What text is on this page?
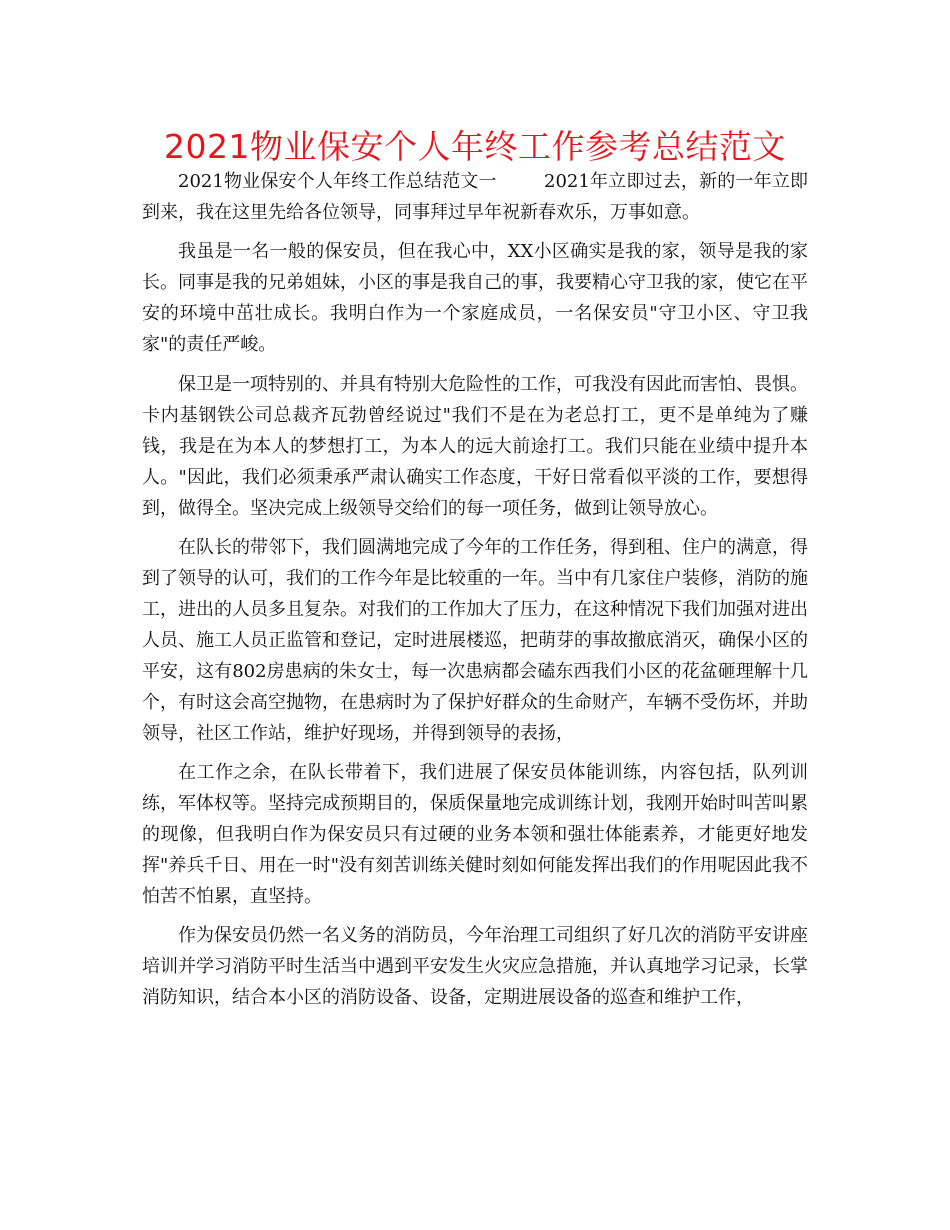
2021物业保安个人年终工作参考总结范文

2021物业保安个人年终工作总结范文一        2021年立即过去，新的一年立即到来，我在这里先给各位领导，同事拜过早年祝新春欢乐，万事如意。

我虽是一名一般的保安员，但在我心中，XX小区确实是我的家，领导是我的家长。同事是我的兄弟姐妹，小区的事是我自己的事，我要精心守卫我的家，使它在平安的环境中茁壮成长。我明白作为一个家庭成员，一名保安员"守卫小区、守卫我家"的责任严峻。

保卫是一项特别的、并具有特别大危险性的工作，可我没有因此而害怕、畏惧。卡内基钢铁公司总裁齐瓦勃曾经说过"我们不是在为老总打工，更不是单纯为了赚钱，我是在为本人的梦想打工，为本人的远大前途打工。我们只能在业绩中提升本人。"因此，我们必须秉承严肃认确实工作态度，干好日常看似平淡的工作，要想得到，做得全。坚决完成上级领导交给们的每一项任务，做到让领导放心。

在队长的带邻下，我们圆满地完成了今年的工作任务，得到租、住户的满意，得到了领导的认可，我们的工作今年是比较重的一年。当中有几家住户装修，消防的施工，进出的人员多且复杂。对我们的工作加大了压力，在这种情况下我们加强对进出人员、施工人员正监管和登记，定时进展楼巡，把萌芽的事故撤底消灭，确保小区的平安，这有802房患病的朱女士，每一次患病都会磕东西我们小区的花盆砸理解十几个，有时这会高空抛物，在患病时为了保护好群众的生命财产，车辆不受伤坏，并助领导，社区工作站，维护好现场，并得到领导的表扬，

在工作之余，在队长带着下，我们进展了保安员体能训练，内容包括，队列训练，军体权等。坚持完成预期目的，保质保量地完成训练计划，我刚开始时叫苦叫累的现像，但我明白作为保安员只有过硬的业务本领和强壮体能素养，才能更好地发挥"养兵千日、用在一时"没有刻苦训练关健时刻如何能发挥出我们的作用呢因此我不怕苦不怕累，直坚持。

作为保安员仍然一名义务的消防员，今年治理工司组织了好几次的消防平安讲座培训并学习消防平时生活当中遇到平安发生火灾应急措施，并认真地学习记录，长掌消防知识，结合本小区的消防设备、设备，定期进展设备的巡查和维护工作，
